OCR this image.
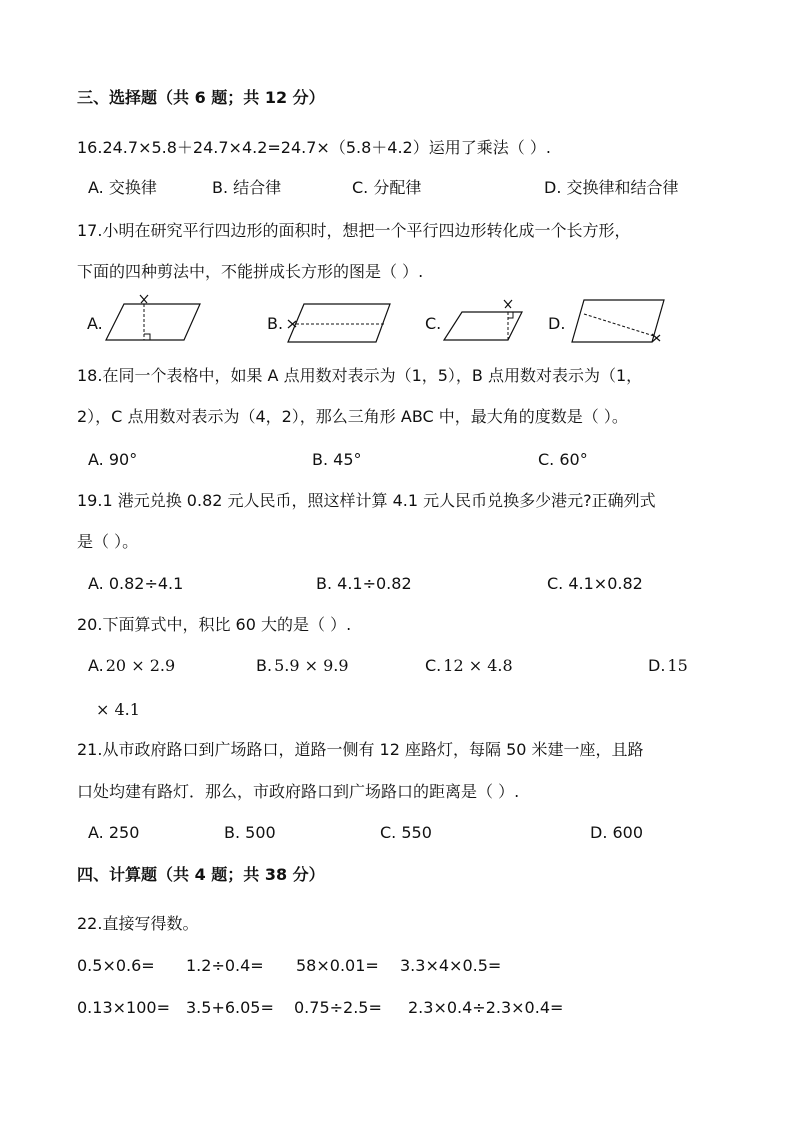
三、选择题（共 6 题；共 12 分）
16.24.7×5.8＋24.7×4.2=24.7×（5.8＋4.2）运用了乘法（ ）.
A. 交换律	B. 结合律	C. 分配律	D. 交换律和结合律
17.小明在研究平行四边形的面积时，想把一个平行四边形转化成一个长方形，
下面的四种剪法中，不能拼成长方形的图是（ ）.
A.	B.	C.	D.
18.在同一个表格中，如果 A 点用数对表示为（1，5），B 点用数对表示为（1，
2），C 点用数对表示为（4，2），那么三角形 ABC 中，最大角的度数是（ ）。
A. 90°	B. 45°	C. 60°
19.1 港元兑换 0.82 元人民币，照这样计算 4.1 元人民币兑换多少港元?正确列式
是（ ）。
A. 0.82÷4.1	B. 4.1÷0.82	C. 4.1×0.82
20.下面算式中，积比 60 大的是（ ）.
A. 20 × 2.9	B. 5.9 × 9.9	C. 12 × 4.8	D. 15
× 4.1
21.从市政府路口到广场路口，道路一侧有 12 座路灯，每隔 50 米建一座，且路
口处均建有路灯．那么，市政府路口到广场路口的距离是（ ）.
A. 250	B. 500	C. 550	D. 600
四、计算题（共 4 题；共 38 分）
22.直接写得数。
0.5×0.6= 1.2÷0.4= 58×0.01= 3.3×4×0.5=
0.13×100= 3.5+6.05= 0.75÷2.5= 2.3×0.4÷2.3×0.4=
